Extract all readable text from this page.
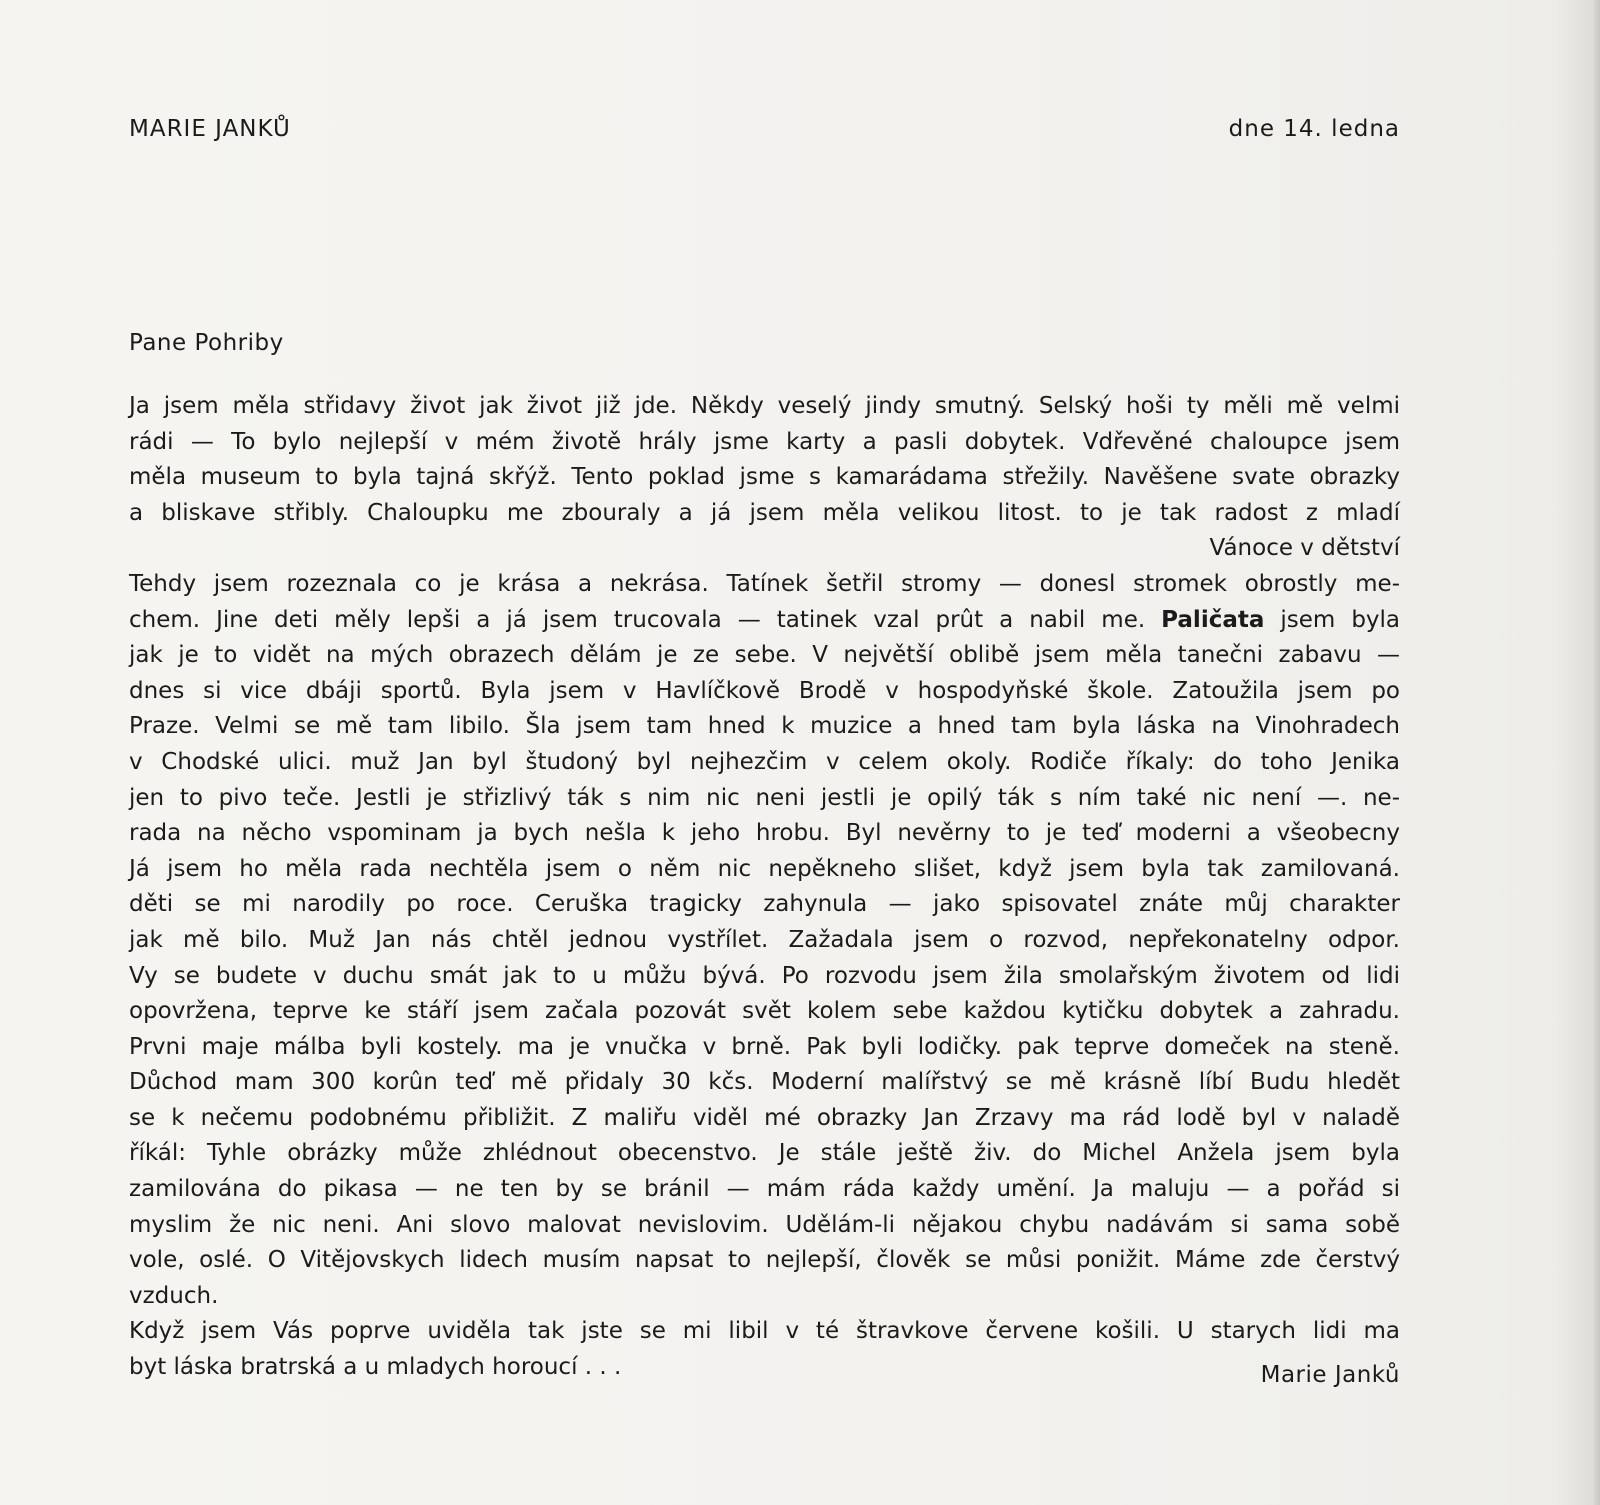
MARIE JANKŮ	dne 14. ledna
Pane Pohriby
Ja jsem měla střidavy život jak život již jde. Někdy veselý jindy smutný. Selský hoši ty měli mě velmi
rádi — To bylo nejlepší v mém životě hrály jsme karty a pasli dobytek. Vdřevěné chaloupce jsem
měla museum to byla tajná skřýž. Tento poklad jsme s kamarádama střežily. Navěšene svate obrazky
a bliskave střibly. Chaloupku me zbouraly a já jsem měla velikou litost. to je tak radost z mladí
Vánoce v dětství
Tehdy jsem rozeznala co je krása a nekrása. Tatínek šetřil stromy — donesl stromek obrostly me-
chem. Jine deti měly lepši a já jsem trucovala — tatinek vzal prût a nabil me. Paličata jsem byla
jak je to vidět na mých obrazech dělám je ze sebe. V největší oblibě jsem měla tanečni zabavu —
dnes si vice dbáji sportů. Byla jsem v Havlíčkově Brodě v hospodyňské škole. Zatoužila jsem po
Praze. Velmi se mě tam libilo. Šla jsem tam hned k muzice a hned tam byla láska na Vinohradech
v Chodské ulici. muž Jan byl študoný byl nejhezčim v celem okoly. Rodiče říkaly: do toho Jenika
jen to pivo teče. Jestli je střizlivý ták s nim nic neni jestli je opilý ták s ním také nic není —. ne-
rada na něcho vspominam ja bych nešla k jeho hrobu. Byl nevěrny to je teď moderni a všeobecny
Já jsem ho měla rada nechtěla jsem o něm nic nepěkneho slišet, když jsem byla tak zamilovaná.
děti se mi narodily po roce. Ceruška tragicky zahynula — jako spisovatel znáte můj charakter
jak mě bilo. Muž Jan nás chtěl jednou vystřílet. Zažadala jsem o rozvod, nepřekonatelny odpor.
Vy se budete v duchu smát jak to u můžu bývá. Po rozvodu jsem žila smolařským životem od lidi
opovržena, teprve ke stáří jsem začala pozovát svět kolem sebe každou kytičku dobytek a zahradu.
Prvni maje málba byli kostely. ma je vnučka v brně. Pak byli lodičky. pak teprve domeček na steně.
Důchod mam 300 korûn teď mě přidaly 30 kčs. Moderní malířstvý se mě krásně líbí Budu hledět
se k nečemu podobnému přibližit. Z maliřu viděl mé obrazky Jan Zrzavy ma rád lodě byl v naladě
říkál: Tyhle obrázky může zhlédnout obecenstvo. Je stále ještě živ. do Michel Anžela jsem byla
zamilována do pikasa — ne ten by se bránil — mám ráda každy umění. Ja maluju — a pořád si
myslim že nic neni. Ani slovo malovat nevislovim. Udělám-li nějakou chybu nadávám si sama sobě
vole, oslé. O Vitějovskych lidech musím napsat to nejlepší, člověk se můsi ponižit. Máme zde čerstvý
vzduch.
Když jsem Vás poprve uviděla tak jste se mi libil v té štravkove červene košili. U starych lidi ma
byt láska bratrská a u mladych horoucí . . .	Marie Janků
